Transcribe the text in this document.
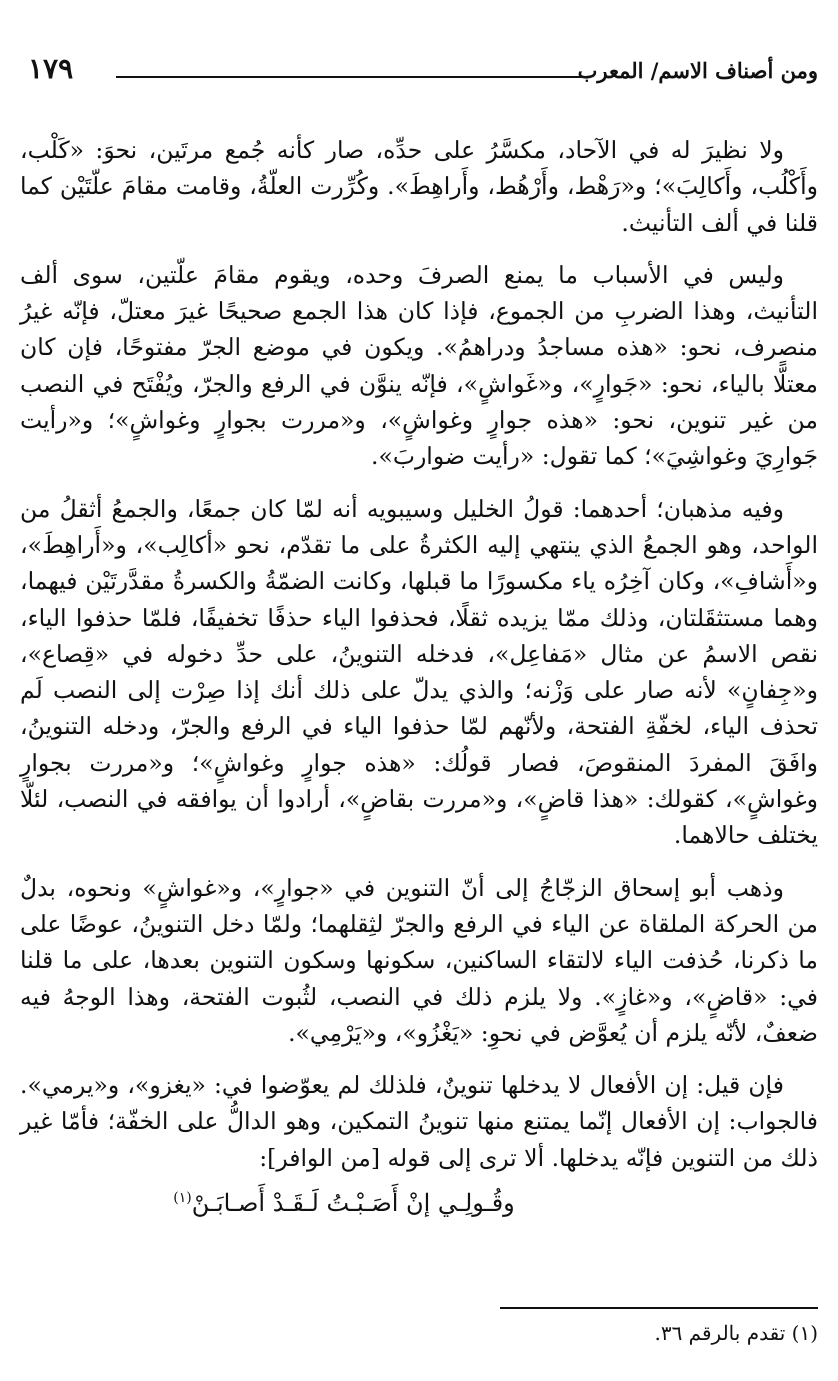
ومن أصناف الاسم/ المعرب
١٧٩

ولا نظيرَ له في الآحاد، مكسَّرُ على حدِّه، صار كأنه جُمع مرتَين، نحوَ: «كَلْب، وأَكْلُب، وأَكالِبَ»؛ و«رَهْط، وأَرْهُط، وأَراهِطَ». وكُرِّرت العلّةُ، وقامت مقامَ علّتَيْن كما قلنا في ألف التأنيث.

وليس في الأسباب ما يمنع الصرفَ وحده، ويقوم مقامَ علّتين، سوى ألف التأنيث، وهذا الضربِ من الجموع، فإذا كان هذا الجمع صحيحًا غيرَ معتلّ، فإنّه غيرُ منصرف، نحو: «هذه مساجدُ ودراهمُ». ويكون في موضع الجرّ مفتوحًا، فإن كان معتلًّا بالياء، نحو: «جَوارٍ»، و«غَواشٍ»، فإنّه ينوَّن في الرفع والجرّ، ويُفْتَح في النصب من غير تنوين، نحو: «هذه جوارٍ وغواشٍ»، و«مررت بجوارٍ وغواشٍ»؛ و«رأيت جَوارِيَ وغواشِيَ»؛ كما تقول: «رأيت ضواربَ».

وفيه مذهبان؛ أحدهما: قولُ الخليل وسيبويه أنه لمّا كان جمعًا، والجمعُ أثقلُ من الواحد، وهو الجمعُ الذي ينتهي إليه الكثرةُ على ما تقدّم، نحو «أكالِب»، و«أَراهِطَ»، و«أَشافِ»، وكان آخِرُه ياء مكسورًا ما قبلها، وكانت الضمّةُ والكسرةُ مقدَّرتَيْن فيهما، وهما مستثقَلتان، وذلك ممّا يزيده ثقلًا، فحذفوا الياء حذفًا تخفيفًا، فلمّا حذفوا الياء، نقص الاسمُ عن مثال «مَفاعِل»، فدخله التنوينُ، على حدِّ دخوله في «قِصاع»، و«جِفانٍ» لأنه صار على وَزْنه؛ والذي يدلّ على ذلك أنك إذا صِرْت إلى النصب لَم تحذف الياء، لخفّةِ الفتحة، ولأنّهم لمّا حذفوا الياء في الرفع والجرّ، ودخله التنوينُ، وافَقَ المفردَ المنقوصَ، فصار قولُك: «هذه جوارٍ وغواشٍ»؛ و«مررت بجوارٍ وغواشٍ»، كقولك: «هذا قاضٍ»، و«مررت بقاضٍ»، أرادوا أن يوافقه في النصب، لئلّا يختلف حالاهما.

وذهب أبو إسحاق الزجّاجُ إلى أنّ التنوين في «جوارٍ»، و«غواشٍ» ونحوه، بدلٌ من الحركة الملقاة عن الياء في الرفع والجرّ لثِقلهما؛ ولمّا دخل التنوينُ، عوضًا على ما ذكرنا، حُذفت الياء لالتقاء الساكنين، سكونها وسكون التنوين بعدها، على ما قلنا في: «قاضٍ»، و«غازٍ». ولا يلزم ذلك في النصب، لثُبوت الفتحة، وهذا الوجهُ فيه ضعفٌ، لأنّه يلزم أن يُعوَّض في نحوِ: «يَغْزُو»، و«يَرْمِي».

فإن قيل: إن الأفعال لا يدخلها تنوينٌ، فلذلك لم يعوّضوا في: «يغزو»، و«يرمي». فالجواب: إن الأفعال إنّما يمتنع منها تنوينُ التمكين، وهو الدالُّ على الخفّة؛ فأمّا غير ذلك من التنوين فإنّه يدخلها. ألا ترى إلى قوله [من الوافر]:

وقُـولِـي إنْ أَصَـبْـتُ لَـقَـدْ أَصـابَـنْ$^{(١)}$
(١) تقدم بالرقم ٣٦.
